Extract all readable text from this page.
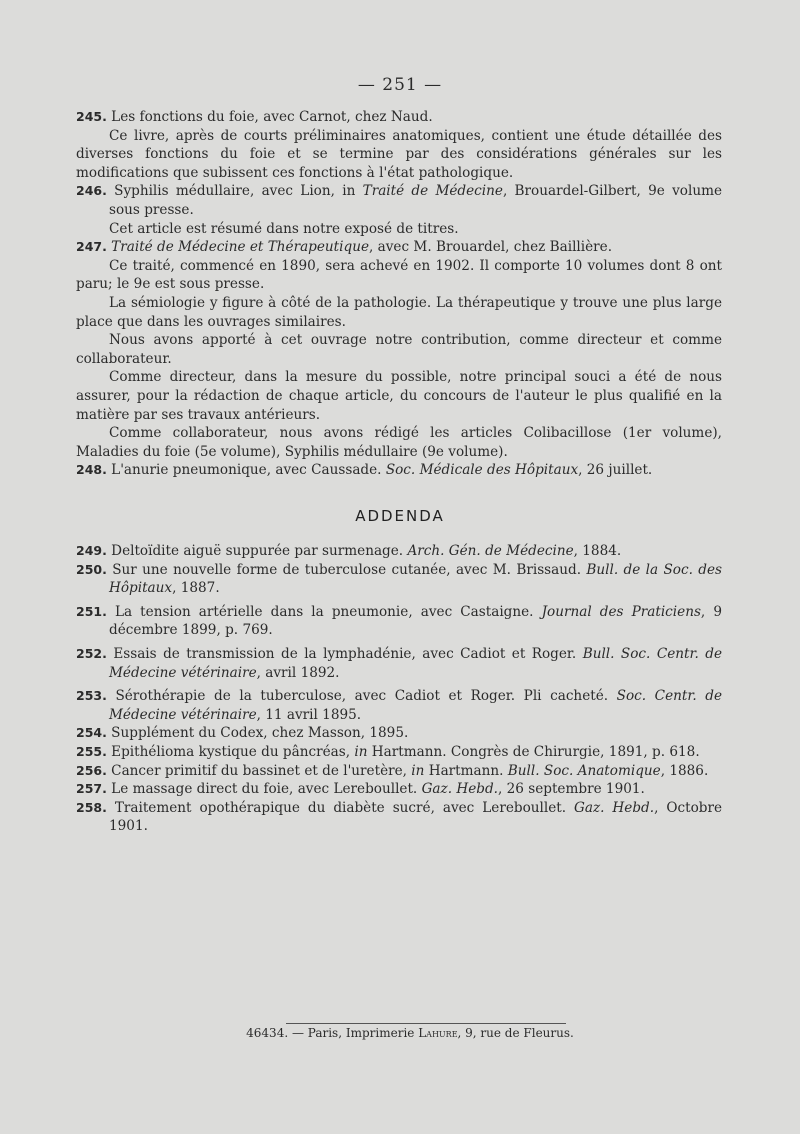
— 251 —

245. Les fonctions du foie, avec Carnot, chez Naud.

Ce livre, après de courts préliminaires anatomiques, contient une étude détaillée des diverses fonctions du foie et se termine par des considérations générales sur les modifications que subissent ces fonctions à l'état pathologique.

246. Syphilis médullaire, avec Lion, in Traité de Médecine, Brouardel-Gilbert, 9e volume sous presse.

Cet article est résumé dans notre exposé de titres.

247. Traité de Médecine et Thérapeutique, avec M. Brouardel, chez Baillière.

Ce traité, commencé en 1890, sera achevé en 1902. Il comporte 10 volumes dont 8 ont paru; le 9e est sous presse.

La sémiologie y figure à côté de la pathologie. La thérapeutique y trouve une plus large place que dans les ouvrages similaires.

Nous avons apporté à cet ouvrage notre contribution, comme directeur et comme collaborateur.

Comme directeur, dans la mesure du possible, notre principal souci a été de nous assurer, pour la rédaction de chaque article, du concours de l'auteur le plus qualifié en la matière par ses travaux antérieurs.

Comme collaborateur, nous avons rédigé les articles Colibacillose (1er volume), Maladies du foie (5e volume), Syphilis médullaire (9e volume).

248. L'anurie pneumonique, avec Caussade. Soc. Médicale des Hôpitaux, 26 juillet.

ADDENDA

249. Deltoïdite aiguë suppurée par surmenage. Arch. Gén. de Médecine, 1884.

250. Sur une nouvelle forme de tuberculose cutanée, avec M. Brissaud. Bull. de la Soc. des Hôpitaux, 1887.

251. La tension artérielle dans la pneumonie, avec Castaigne. Journal des Praticiens, 9 décembre 1899, p. 769.

252. Essais de transmission de la lymphadénie, avec Cadiot et Roger. Bull. Soc. Centr. de Médecine vétérinaire, avril 1892.

253. Sérothérapie de la tuberculose, avec Cadiot et Roger. Pli cacheté. Soc. Centr. de Médecine vétérinaire, 11 avril 1895.

254. Supplément du Codex, chez Masson, 1895.

255. Epithélioma kystique du pâncréas, in Hartmann. Congrès de Chirurgie, 1891, p. 618.

256. Cancer primitif du bassinet et de l'uretère, in Hartmann. Bull. Soc. Anatomique, 1886.

257. Le massage direct du foie, avec Lereboullet. Gaz. Hebd., 26 septembre 1901.

258. Traitement opothérapique du diabète sucré, avec Lereboullet. Gaz. Hebd., Octobre 1901.

46434. — Paris, Imprimerie Lahure, 9, rue de Fleurus.
